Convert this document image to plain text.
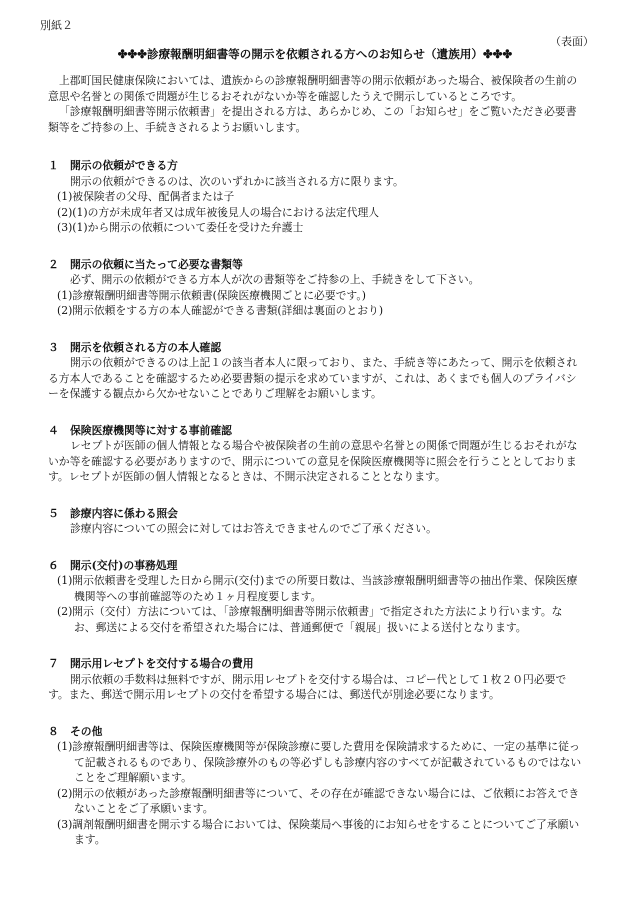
別紙２
（表面）
✤✤✤診療報酬明細書等の開示を依頼される方へのお知らせ（遺族用）✤✤✤

上郡町国民健康保険においては、遺族からの診療報酬明細書等の開示依頼があった場合、被保険者の生前の意思や名誉との関係で問題が生じるおそれがないか等を確認したうえで開示しているところです。

「診療報酬明細書等開示依頼書」を提出される方は、あらかじめ、この「お知らせ」をご覧いただき必要書類等をご持参の上、手続きされるようお願いします。

１ 開示の依頼ができる方

開示の依頼ができるのは、次のいずれかに該当される方に限ります。

(1)被保険者の父母、配偶者または子

(2)(1)の方が未成年者又は成年被後見人の場合における法定代理人

(3)(1)から開示の依頼について委任を受けた弁護士

２ 開示の依頼に当たって必要な書類等

必ず、開示の依頼ができる方本人が次の書類等をご持参の上、手続きをして下さい。

(1)診療報酬明細書等開示依頼書(保険医療機関ごとに必要です。)

(2)開示依頼をする方の本人確認ができる書類(詳細は裏面のとおり)

３ 開示を依頼される方の本人確認

開示の依頼ができるのは上記１の該当者本人に限っており、また、手続き等にあたって、開示を依頼される方本人であることを確認するため必要書類の提示を求めていますが、これは、あくまでも個人のプライバシーを保護する観点から欠かせないことでありご理解をお願いします。

４ 保険医療機関等に対する事前確認

レセプトが医師の個人情報となる場合や被保険者の生前の意思や名誉との関係で問題が生じるおそれがないか等を確認する必要がありますので、開示についての意見を保険医療機関等に照会を行うこととしております。レセプトが医師の個人情報となるときは、不開示決定されることとなります。

５ 診療内容に係わる照会

診療内容についての照会に対してはお答えできませんのでご了承ください。

６ 開示(交付)の事務処理

(1)開示依頼書を受理した日から開示(交付)までの所要日数は、当該診療報酬明細書等の抽出作業、保険医療機関等への事前確認等のため１ヶ月程度要します。

(2)開示（交付）方法については、「診療報酬明細書等開示依頼書」で指定された方法により行います。なお、郵送による交付を希望された場合には、普通郵便で「親展」扱いによる送付となります。

７ 開示用レセプトを交付する場合の費用

開示依頼の手数料は無料ですが、開示用レセプトを交付する場合は、コピー代として１枚２０円必要です。また、郵送で開示用レセプトの交付を希望する場合には、郵送代が別途必要になります。

８ その他

(1)診療報酬明細書等は、保険医療機関等が保険診療に要した費用を保険請求するために、一定の基準に従って記載されるものであり、保険診療外のもの等必ずしも診療内容のすべてが記載されているものではないことをご理解願います。

(2)開示の依頼があった診療報酬明細書等について、その存在が確認できない場合には、ご依頼にお答えできないことをご了承願います。

(3)調剤報酬明細書を開示する場合においては、保険薬局へ事後的にお知らせをすることについてご了承願います。
